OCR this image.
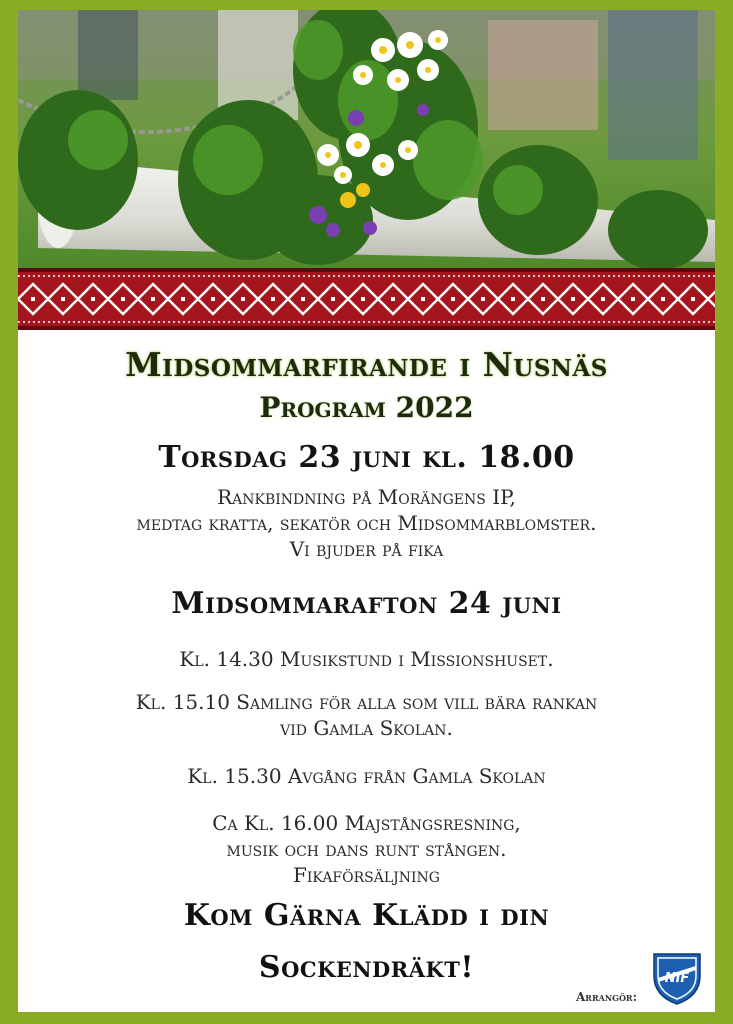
Midsommarfirande i Nusnäs
Program 2022
Torsdag 23 juni kl. 18.00
Rankbindning på Morängens IP,
medtag kratta, sekatör och Midsommarblomster.
Vi bjuder på fika
Midsommarafton 24 juni
Kl. 14.30 Musikstund i Missionshuset.
Kl. 15.10 Samling för alla som vill bära rankan
vid Gamla Skolan.
Kl. 15.30 Avgång från Gamla Skolan
Ca Kl. 16.00 Majstångsresning,
musik och dans runt stången.
Fikaförsäljning
Kom Gärna Klädd i din
Sockendräkt!
Arrangör:
NIF
